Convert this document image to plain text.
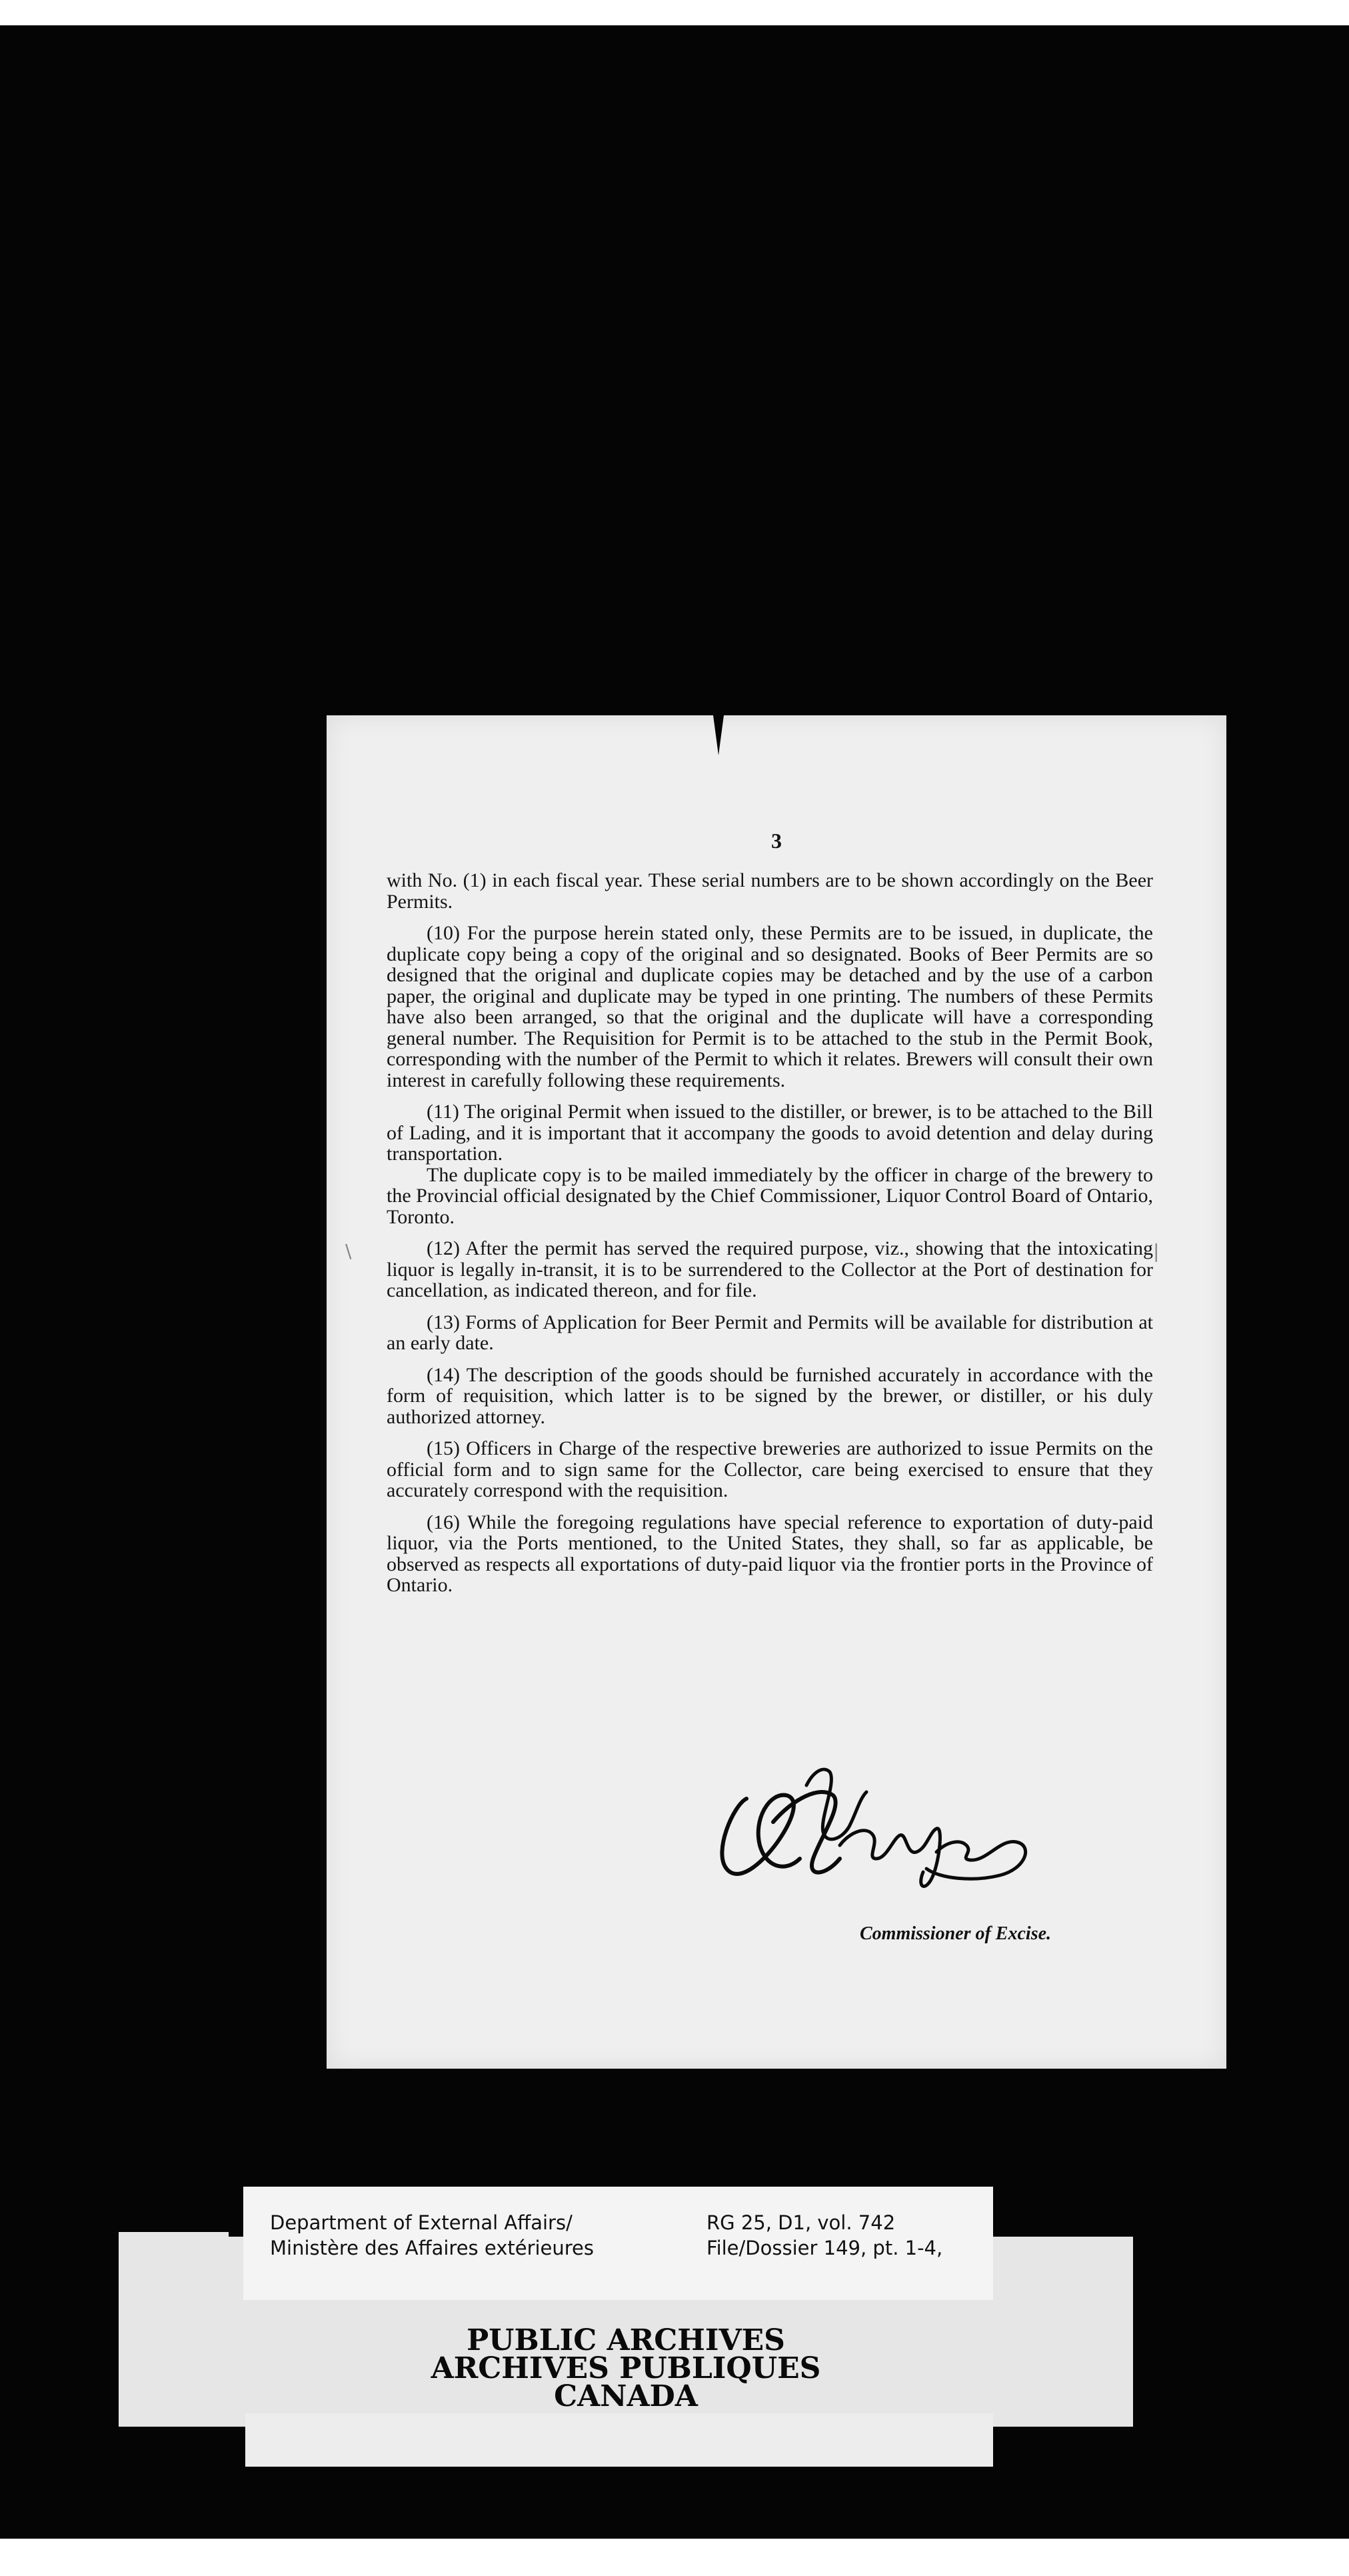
3

with No. (1) in each fiscal year. These serial numbers are to be shown accordingly on the Beer Permits.

(10) For the purpose herein stated only, these Permits are to be issued, in duplicate, the duplicate copy being a copy of the original and so designated. Books of Beer Permits are so designed that the original and duplicate copies may be detached and by the use of a carbon paper, the original and duplicate may be typed in one printing. The numbers of these Permits have also been arranged, so that the original and the duplicate will have a corresponding general number. The Requisition for Permit is to be attached to the stub in the Permit Book, corresponding with the number of the Permit to which it relates. Brewers will consult their own interest in carefully following these requirements.

(11) The original Permit when issued to the distiller, or brewer, is to be attached to the Bill of Lading, and it is important that it accompany the goods to avoid detention and delay during transportation.

The duplicate copy is to be mailed immediately by the officer in charge of the brewery to the Provincial official designated by the Chief Commissioner, Liquor Control Board of Ontario, Toronto.

(12) After the permit has served the required purpose, viz., showing that the intoxicating liquor is legally in-transit, it is to be surrendered to the Collector at the Port of destination for cancellation, as indicated thereon, and for file.

(13) Forms of Application for Beer Permit and Permits will be available for distribution at an early date.

(14) The description of the goods should be furnished accurately in accordance with the form of requisition, which latter is to be signed by the brewer, or distiller, or his duly authorized attorney.

(15) Officers in Charge of the respective breweries are authorized to issue Permits on the official form and to sign same for the Collector, care being exercised to ensure that they accurately correspond with the requisition.

(16) While the foregoing regulations have special reference to exportation of duty-paid liquor, via the Ports mentioned, to the United States, they shall, so far as applicable, be observed as respects all exportations of duty-paid liquor via the frontier ports in the Province of Ontario.

Commissioner of Excise.
\	|
PUBLIC ARCHIVES
ARCHIVES PUBLIQUES
CANADA
Department of External Affairs/
Ministère des Affaires extérieures
RG 25, D1, vol. 742
File/Dossier 149, pt. 1-4,
